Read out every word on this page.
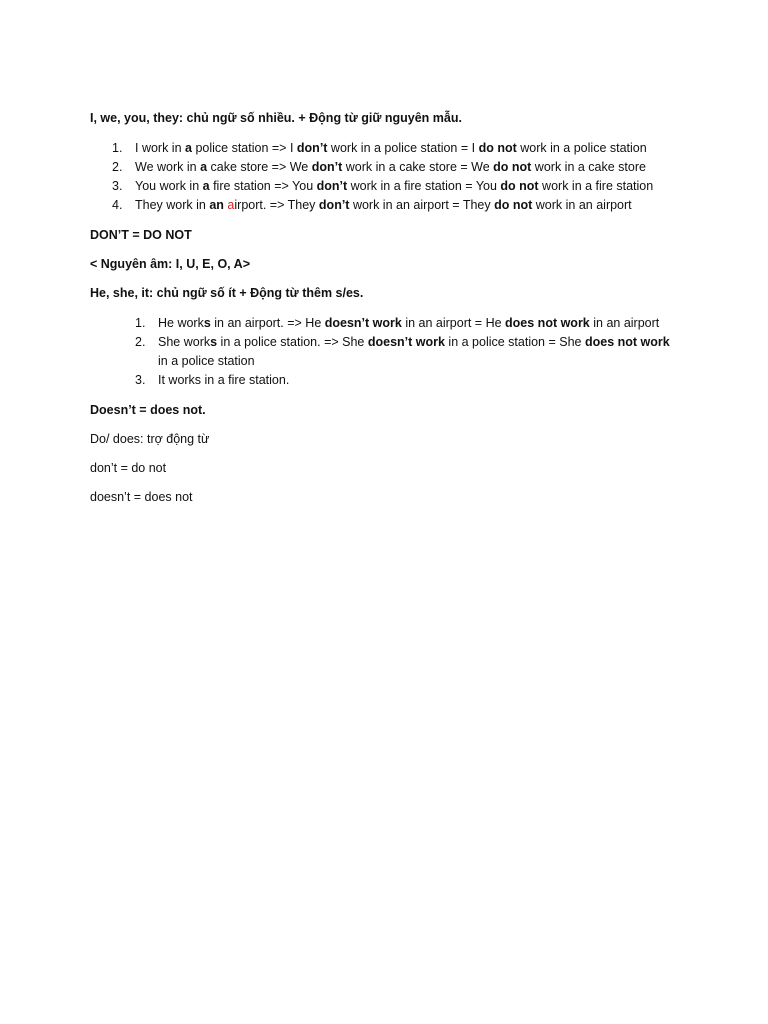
I, we, you, they: chủ ngữ số nhiều. + Động từ giữ nguyên mẫu.

1. I work in a police station => I don’t work in a police station = I do not work in a police station
2. We work in a cake store => We don’t work in a cake store = We do not work in a cake store
3. You work in a fire station => You don’t work in a fire station = You do not work in a fire station
4. They work in an airport. => They don’t work in an airport = They do not work in an airport

DON’T = DO NOT

< Nguyên âm: I, U, E, O, A>

He, she, it: chủ ngữ số ít + Động từ thêm s/es.

1. He works in an airport. => He doesn’t work in an airport = He does not work in an airport
2. She works in a police station. => She doesn’t work in a police station = She does not work in a police station
3. It works in a fire station.

Doesn’t = does not.

Do/ does: trợ động từ

don’t = do not

doesn’t = does not
